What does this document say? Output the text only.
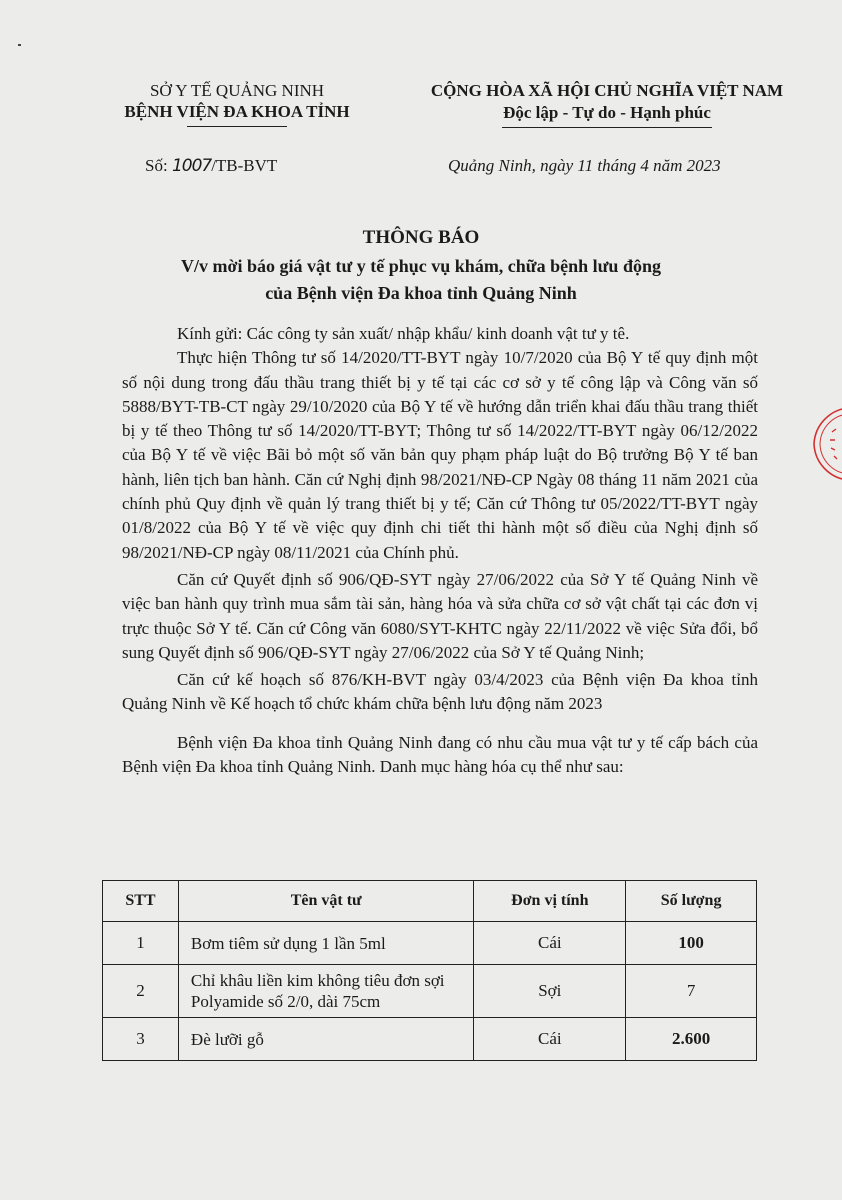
SỞ Y TẾ QUẢNG NINH
BỆNH VIỆN ĐA KHOA TỈNH
CỘNG HÒA XÃ HỘI CHỦ NGHĨA VIỆT NAM
Độc lập - Tự do - Hạnh phúc
Số: 1007/TB-BVT	Quảng Ninh, ngày 11 tháng 4 năm 2023
THÔNG BÁO
V/v mời báo giá vật tư y tế phục vụ khám, chữa bệnh lưu động
của Bệnh viện Đa khoa tỉnh Quảng Ninh

Kính gửi: Các công ty sản xuất/ nhập khẩu/ kinh doanh vật tư y tê.

Thực hiện Thông tư số 14/2020/TT-BYT ngày 10/7/2020 của Bộ Y tế quy định một số nội dung trong đấu thầu trang thiết bị y tế tại các cơ sở y tế công lập và Công văn số 5888/BYT-TB-CT ngày 29/10/2020 của Bộ Y tế về hướng dẫn triển khai đấu thầu trang thiết bị y tế theo Thông tư số 14/2020/TT-BYT; Thông tư số 14/2022/TT-BYT ngày 06/12/2022 của Bộ Y tế về việc Bãi bỏ một số văn bản quy phạm pháp luật do Bộ trưởng Bộ Y tế ban hành, liên tịch ban hành. Căn cứ Nghị định 98/2021/NĐ-CP Ngày 08 tháng 11 năm 2021 của chính phủ Quy định về quản lý trang thiết bị y tế; Căn cứ Thông tư 05/2022/TT-BYT ngày 01/8/2022 của Bộ Y tế về việc quy định chi tiết thi hành một số điều của Nghị định số 98/2021/NĐ-CP ngày 08/11/2021 của Chính phủ.

Căn cứ Quyết định số 906/QĐ-SYT ngày 27/06/2022 của Sở Y tế Quảng Ninh về việc ban hành quy trình mua sắm tài sản, hàng hóa và sửa chữa cơ sở vật chất tại các đơn vị trực thuộc Sở Y tế. Căn cứ Công văn 6080/SYT-KHTC ngày 22/11/2022 về việc Sửa đổi, bổ sung Quyết định số 906/QĐ-SYT ngày 27/06/2022 của Sở Y tế Quảng Ninh;

Căn cứ kế hoạch số 876/KH-BVT ngày 03/4/2023 của Bệnh viện Đa khoa tỉnh Quảng Ninh về Kế hoạch tổ chức khám chữa bệnh lưu động năm 2023

Bệnh viện Đa khoa tỉnh Quảng Ninh đang có nhu cầu mua vật tư y tế cấp bách của Bệnh viện Đa khoa tỉnh Quảng Ninh. Danh mục hàng hóa cụ thể như sau:

STT	Tên vật tư	Đơn vị tính	Số lượng
1	Bơm tiêm sử dụng 1 lần 5ml	Cái	100
2	Chỉ khâu liền kim không tiêu đơn sợi Polyamide số 2/0, dài 75cm	Sợi	7
3	Đè lưỡi gỗ	Cái	2.600
